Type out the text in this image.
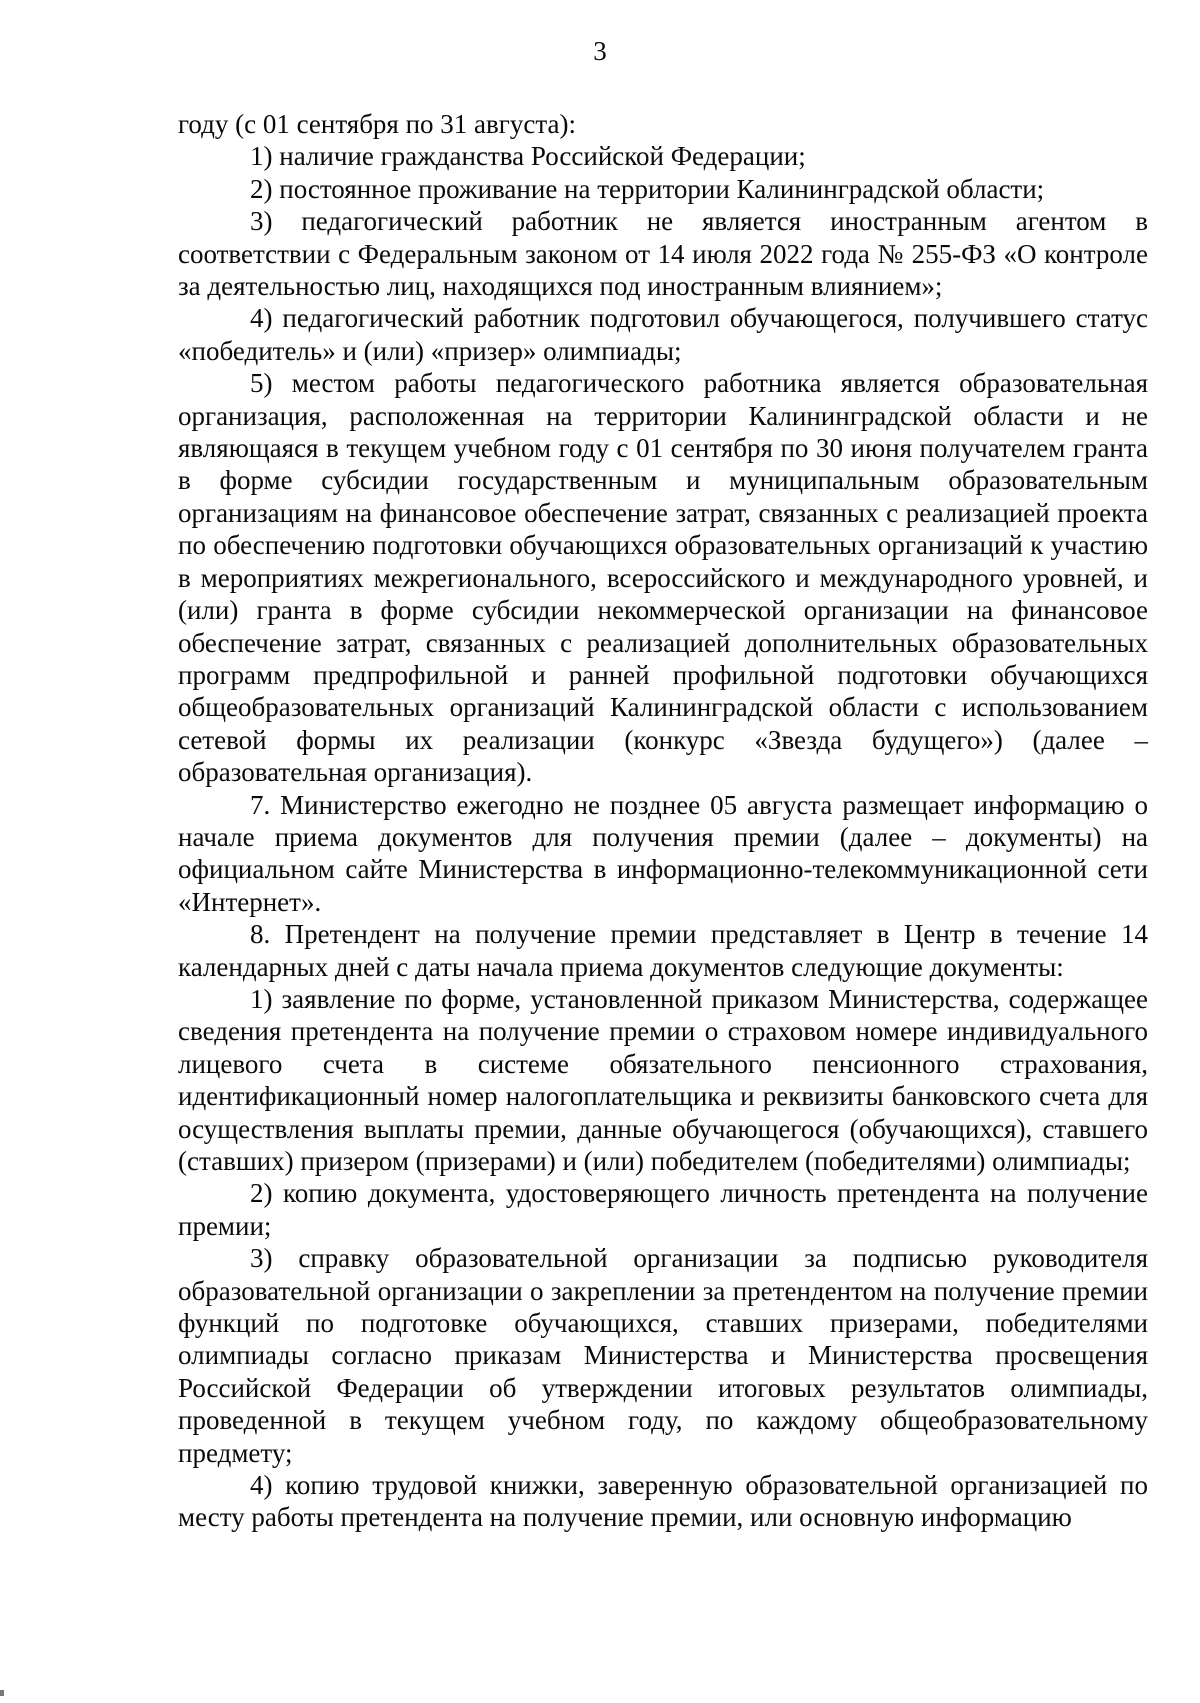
3

году (с 01 сентября по 31 августа):

1) наличие гражданства Российской Федерации;

2) постоянное проживание на территории Калининградской области;

3) педагогический работник не является иностранным агентом в соответствии с Федеральным законом от 14 июля 2022 года № 255-ФЗ «О контроле за деятельностью лиц, находящихся под иностранным влиянием»;

4) педагогический работник подготовил обучающегося, получившего статус «победитель» и (или) «призер» олимпиады;

5) местом работы педагогического работника является образовательная организация, расположенная на территории Калининградской области и не являющаяся в текущем учебном году с 01 сентября по 30 июня получателем гранта в форме субсидии государственным и муниципальным образовательным организациям на финансовое обеспечение затрат, связанных с реализацией проекта по обеспечению подготовки обучающихся образовательных организаций к участию в мероприятиях межрегионального, всероссийского и международного уровней, и (или) гранта в форме субсидии некоммерческой организации на финансовое обеспечение затрат, связанных с реализацией дополнительных образовательных программ предпрофильной и ранней профильной подготовки обучающихся общеобразовательных организаций Калининградской области с использованием сетевой формы их реализации (конкурс «Звезда будущего») (далее – образовательная организация).

7. Министерство ежегодно не позднее 05 августа размещает информацию о начале приема документов для получения премии (далее – документы) на официальном сайте Министерства в информационно-телекоммуникационной сети «Интернет».

8. Претендент на получение премии представляет в Центр в течение 14 календарных дней с даты начала приема документов следующие документы:

1) заявление по форме, установленной приказом Министерства, содержащее сведения претендента на получение премии о страховом номере индивидуального лицевого счета в системе обязательного пенсионного страхования, идентификационный номер налогоплательщика и реквизиты банковского счета для осуществления выплаты премии, данные обучающегося (обучающихся), ставшего (ставших) призером (призерами) и (или) победителем (победителями) олимпиады;

2) копию документа, удостоверяющего личность претендента на получение премии;

3) справку образовательной организации за подписью руководителя образовательной организации о закреплении за претендентом на получение премии функций по подготовке обучающихся, ставших призерами, победителями олимпиады согласно приказам Министерства и Министерства просвещения Российской Федерации об утверждении итоговых результатов олимпиады, проведенной в текущем учебном году, по каждому общеобразовательному предмету;

4) копию трудовой книжки, заверенную образовательной организацией по месту работы претендента на получение премии, или основную информацию
